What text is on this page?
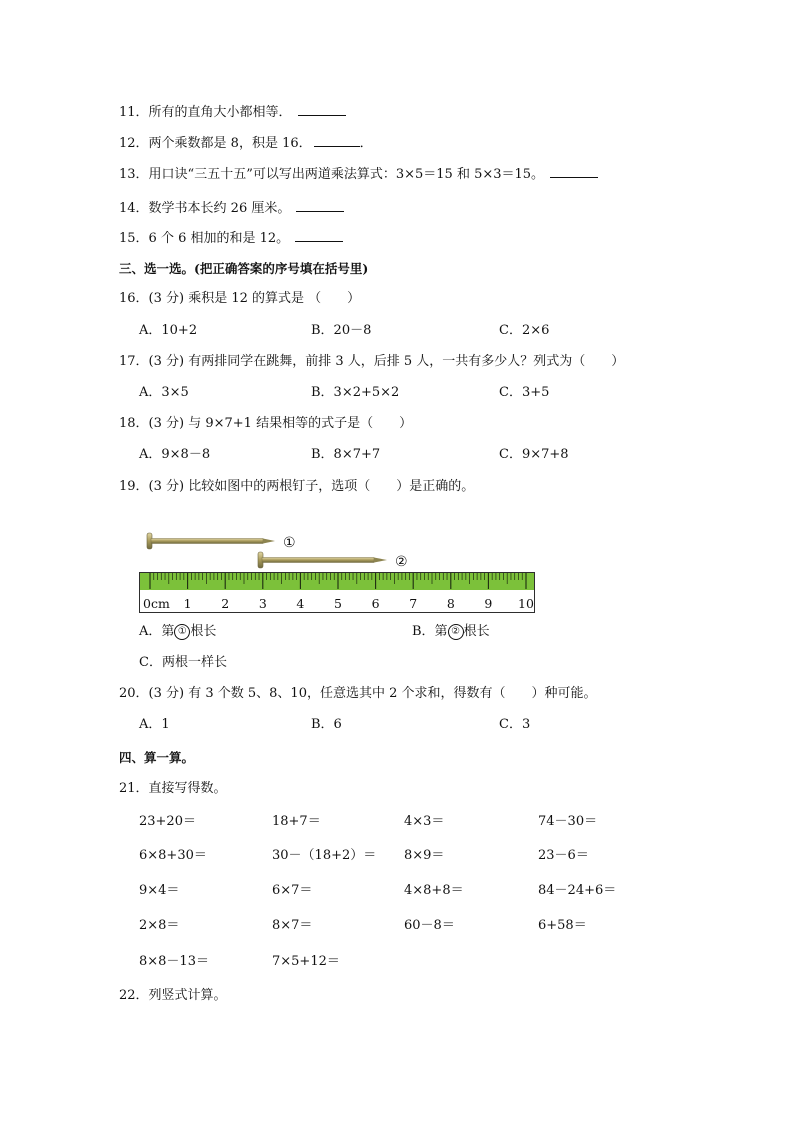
11．所有的直角大小都相等．
12．两个乘数都是 8，积是 16．	．
13．用口诀“三五十五”可以写出两道乘法算式：3×5＝15 和 5×3＝15。
14．数学书本长约 26 厘米。
15．6 个 6 相加的和是 12。
三、选一选。(把正确答案的序号填在括号里)
16．(3 分) 乘积是 12 的算式是 （　　）
A．10+2	B．20－8	C．2×6
17．(3 分) 有两排同学在跳舞，前排 3 人，后排 5 人，一共有多少人？列式为（　　）
A．3×5	B．3×2+5×2	C．3+5
18．(3 分) 与 9×7+1 结果相等的式子是（　　）
A．9×8－8	B．8×7+7	C．9×7+8
19．(3 分) 比较如图中的两根钉子，选项（　　）是正确的。
①
②
0cm 1 2 3 4 5 6 7 8 9 10
A．第 ① 根长	B．第 ② 根长
C．两根一样长
20．(3 分) 有 3 个数 5、8、10，任意选其中 2 个求和，得数有（　　）种可能。
A．1	B．6	C．3
四、算一算。
21．直接写得数。
23+20＝	18+7＝	4×3＝	74－30＝
6×8+30＝	30－（18+2）＝ 8×9＝	23－6＝
9×4＝	6×7＝	4×8+8＝	84－24+6＝
2×8＝	8×7＝	60－8＝	6+58＝
8×8－13＝	7×5+12＝
22．列竖式计算。
